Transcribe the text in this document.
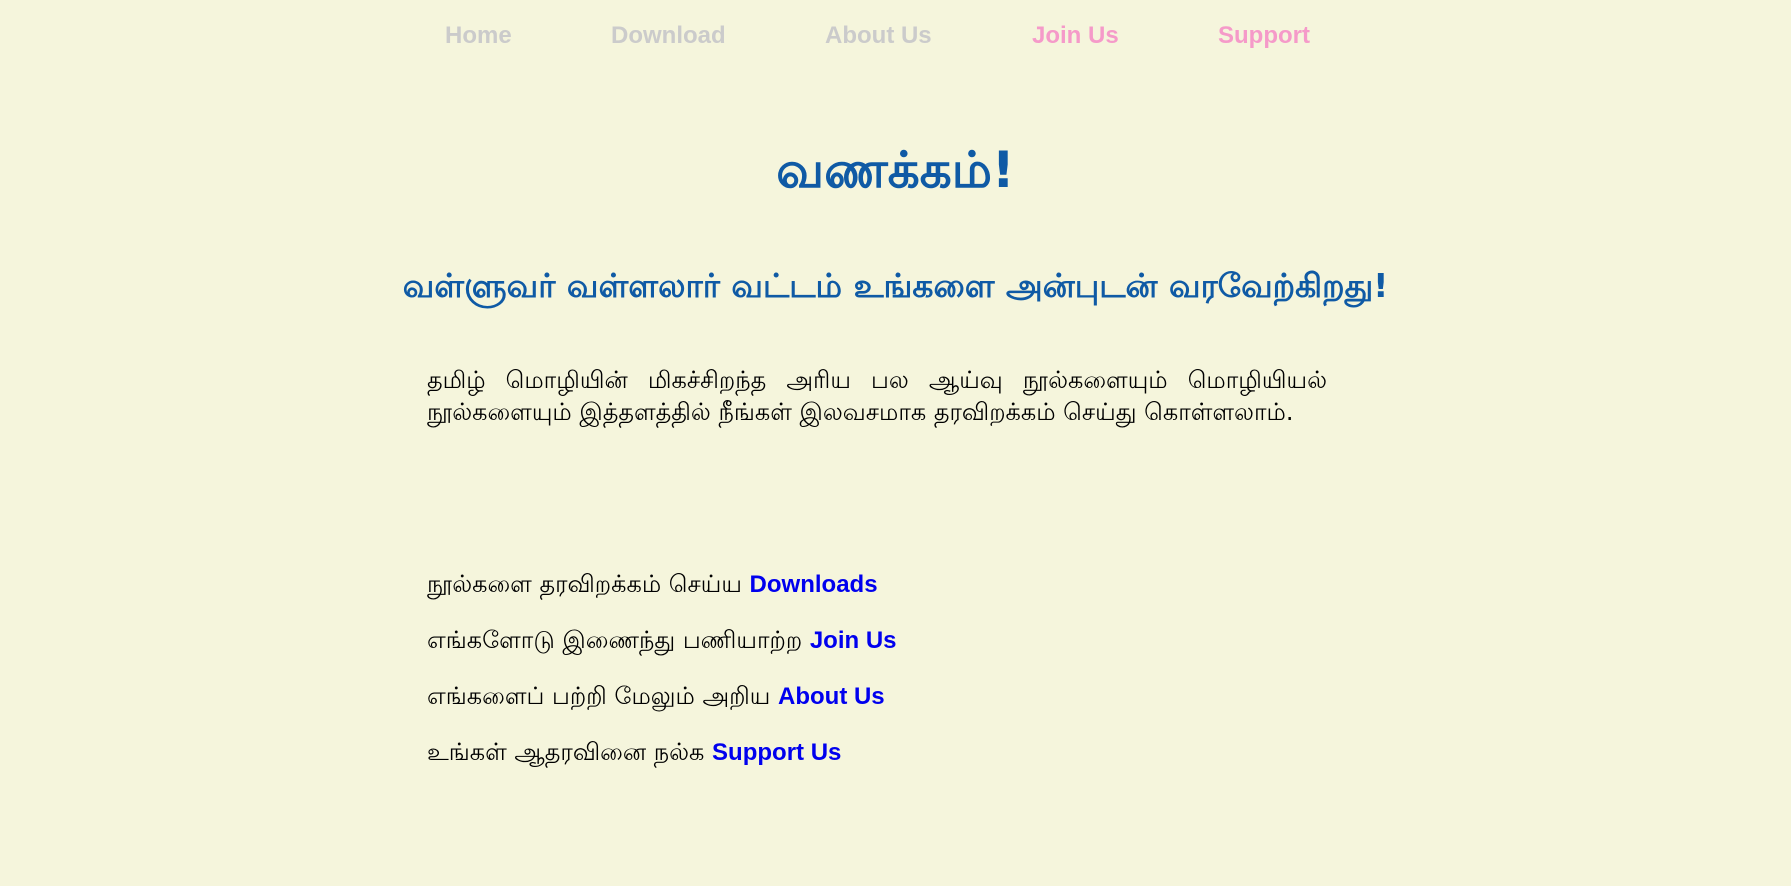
Home	Download	About Us	Join Us	Support
வணக்கம்!
வள்ளுவர் வள்ளலார் வட்டம் உங்களை அன்புடன் வரவேற்கிறது!

தமிழ் மொழியின் மிகச்சிறந்த அரிய பல ஆய்வு நூல்களையும் மொழியியல் நூல்களையும் இத்தளத்தில் நீங்கள் இலவசமாக தரவிறக்கம் செய்து கொள்ளலாம்.

நூல்களை தரவிறக்கம் செய்ய Downloads
எங்களோடு இணைந்து பணியாற்ற Join Us
எங்களைப் பற்றி மேலும் அறிய About Us
உங்கள் ஆதரவினை நல்க Support Us
